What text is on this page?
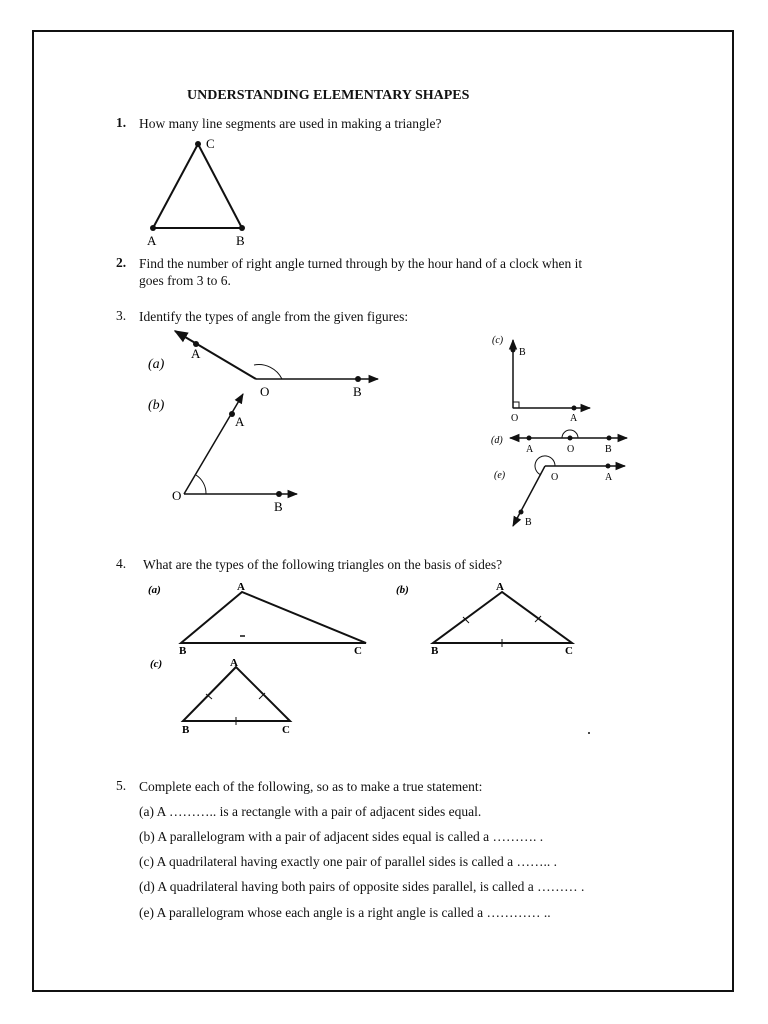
UNDERSTANDING ELEMENTARY SHAPES
1. How many line segments are used in making a triangle?
C
A	B
2. Find the number of right angle turned through by the hour hand of a clock when it
goes from 3 to 6.
3. Identify the types of angle from the given figures:
(a)
A
O	B
(b)
A
O
B
(c)
B
O	A
(d)
A	O	B
(e)	O	A
B
4. What are the types of the following triangles on the basis of sides?
(a)	A
B	C
(b)	A
B	C
(c)	A
B	C
5. Complete each of the following, so as to make a true statement:
(a) A ……….. is a rectangle with a pair of adjacent sides equal.
(b) A parallelogram with a pair of adjacent sides equal is called a ………. .
(c) A quadrilateral having exactly one pair of parallel sides is called a …….. .
(d) A quadrilateral having both pairs of opposite sides parallel, is called a ……… .
(e) A parallelogram whose each angle is a right angle is called a ………… ..
